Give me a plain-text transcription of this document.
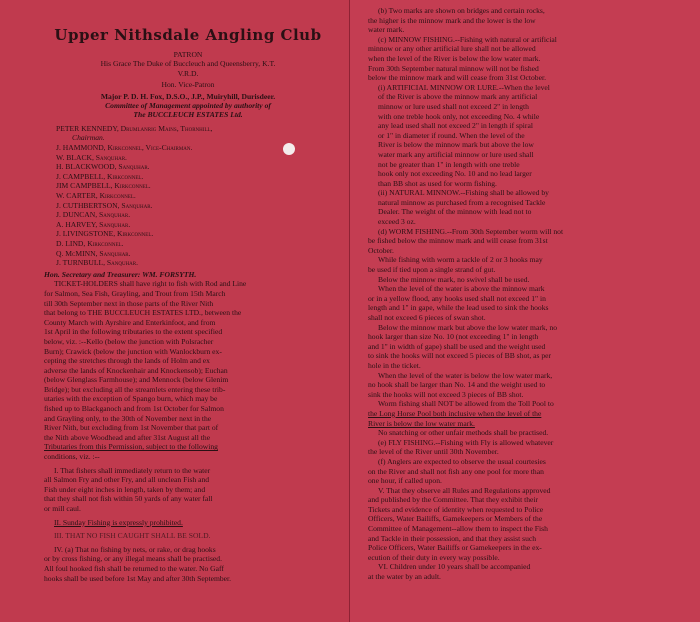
Upper Nithsdale Angling Club

PATRON

His Grace The Duke of Buccleuch and Queensberry, K.T.

V.R.D.

Hon. Vice-Patron

Major P. D. H. Fox, D.S.O., J.P., Muiryhill, Durisdeer.

Committee of Management appointed by authority of

The BUCCLEUCH ESTATES Ltd.

PETER KENNEDY, Drumlanrig Mains, Thornhill,

Chairman.

J. HAMMOND, Kirkconnel, Vice-Chairman.

W. BLACK, Sanquhar.

H. BLACKWOOD, Sanquhar.

J. CAMPBELL, Kirkconnel.

JIM CAMPBELL, Kirkconnel.

W. CARTER, Kirkconnel.

J. CUTHBERTSON, Sanquhar.

J. DUNCAN, Sanquhar.

A. HARVEY, Sanquhar.

J. LIVINGSTONE, Kirkconnel.

D. LIND, Kirkconnel.

Q. McMINN, Sanquhar.

J. TURNBULL, Sanquhar.

Hon. Secretary and Treasurer: WM. FORSYTH.

TICKET-HOLDERS shall have right to fish with Rod and Line

for Salmon, Sea Fish, Grayling, and Trout from 15th March

till 30th September next in those parts of the River Nith

that belong to THE BUCCLEUCH ESTATES LTD., between the

County March with Ayrshire and Enterkinfoot, and from

1st April in the following tributaries to the extent specified

below, viz. :--Kello (below the junction with Polsracher

Burn); Crawick (below the junction with Wanlockburn ex-

cepting the stretches through the lands of Holm and ex

adverse the lands of Knockenhair and Knockensob); Euchan

(below Glenglass Farmhouse); and Mennock (below Glenim

Bridge); but excluding all the streamlets entering these trib-

utaries with the exception of Spango burn, which may be

fished up to Blackganoch and from 1st October for Salmon

and Grayling only, to the 30th of November next in the

River Nith, but excluding from 1st November that part of

the Nith above Woodhead and after 31st August all the

Tributaries from this Permission, subject to the following

conditions, viz. :--

I. That fishers shall immediately return to the water

all Salmon Fry and other Fry, and all unclean Fish and

Fish under eight inches in length, taken by them; and

that they shall not fish within 50 yards of any water fall

or mill caul.

II. Sunday Fishing is expressly prohibited.

III. THAT NO FISH CAUGHT SHALL BE SOLD.

IV. (a) That no fishing by nets, or rake, or drag hooks

or by cross fishing, or any illegal means shall be practised.

All foul hooked fish shall be returned to the water. No Gaff

hooks shall be used before 1st May and after 30th September.

(b) Two marks are shown on bridges and certain rocks,

the higher is the minnow mark and the lower is the low

water mark.

(c) MINNOW FISHING.--Fishing with natural or artificial

minnow or any other artificial lure shall not be allowed

when the level of the River is below the low water mark.

From 30th September natural minnow will not be fished

below the minnow mark and will cease from 31st October.

(i) ARTIFICIAL MINNOW OR LURE.--When the level

of the River is above the minnow mark any artificial

minnow or lure used shall not exceed 2" in length

with one treble hook only, not exceeding No. 4 while

any lead used shall not exceed 2" in length if spiral

or 1" in diameter if round. When the level of the

River is below the minnow mark but above the low

water mark any artificial minnow or lure used shall

not be greater than 1" in length with one treble

hook only not exceeding No. 10 and no lead larger

than BB shot as used for worm fishing.

(ii) NATURAL MINNOW.--Fishing shall be allowed by

natural minnow as purchased from a recognised Tackle

Dealer. The weight of the minnow with lead not to

exceed 3 oz.

(d) WORM FISHING.--From 30th September worm will not

be fished below the minnow mark and will cease from 31st

October.

While fishing with worm a tackle of 2 or 3 hooks may

be used if tied upon a single strand of gut.

Below the minnow mark, no swivel shall be used.

When the level of the water is above the minnow mark

or in a yellow flood, any hooks used shall not exceed 1" in

length and 1" in gape, while the lead used to sink the hooks

shall not exceed 6 pieces of swan shot.

Below the minnow mark but above the low water mark, no

hook larger than size No. 10 (not exceeding 1" in length

and 1" in width of gape) shall be used and the weight used

to sink the hooks will not exceed 5 pieces of BB shot, as per

hole in the ticket.

When the level of the water is below the low water mark,

no hook shall be larger than No. 14 and the weight used to

sink the hooks will not exceed 3 pieces of BB shot.

Worm fishing shall NOT be allowed from the Toll Pool to

the Long Horse Pool both inclusive when the level of the

River is below the low water mark.

No snatching or other unfair methods shall be practised.

(e) FLY FISHING.--Fishing with Fly is allowed whatever

the level of the River until 30th November.

(f) Anglers are expected to observe the usual courtesies

on the River and shall not fish any one pool for more than

one hour, if called upon.

V. That they observe all Rules and Regulations approved

and published by the Committee. That they exhibit their

Tickets and evidence of identity when requested to Police

Officers, Water Bailiffs, Gamekeepers or Members of the

Committee of Management--allow them to inspect the Fish

and Tackle in their possession, and that they assist such

Police Officers, Water Bailiffs or Gamekeepers in the ex-

ecution of their duty in every way possible.

VI. Children under 10 years shall be accompanied

at the water by an adult.
